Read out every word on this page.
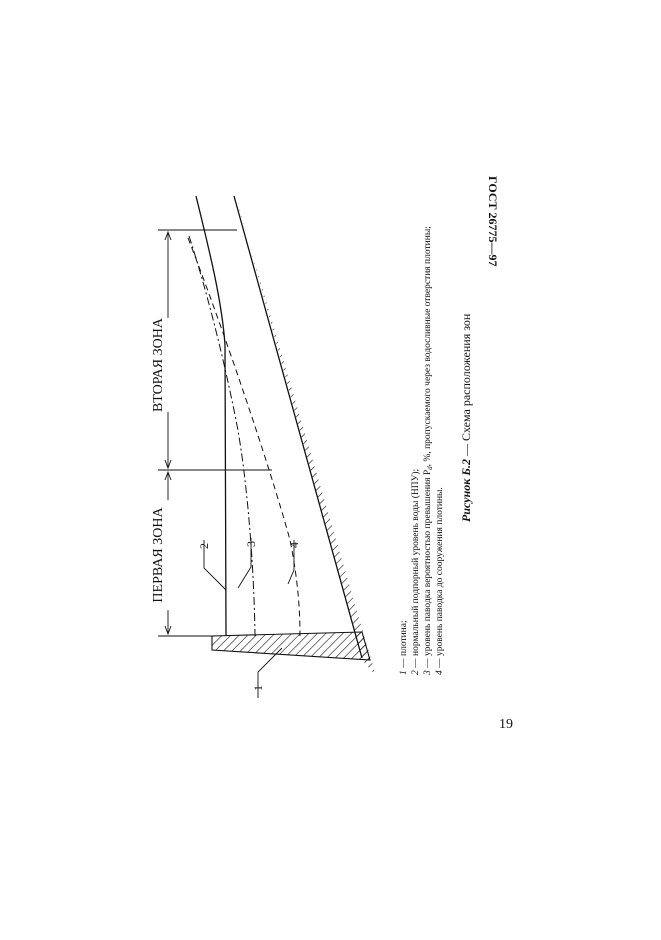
ГОСТ 26775—97
ВТОРАЯ ЗОНА
ПЕРВАЯ ЗОНА
1
2	3 4
1 — плотина;
2 — нормальный подпорный уровень воды (НПУ);
3 — уровень паводка вероятностью превышения $P_d$, %, пропускаемого через водосливные отверстия плотины;
4 — уровень паводка до сооружения плотины. Рисунок Б.2 — Схема расположения зон
19
